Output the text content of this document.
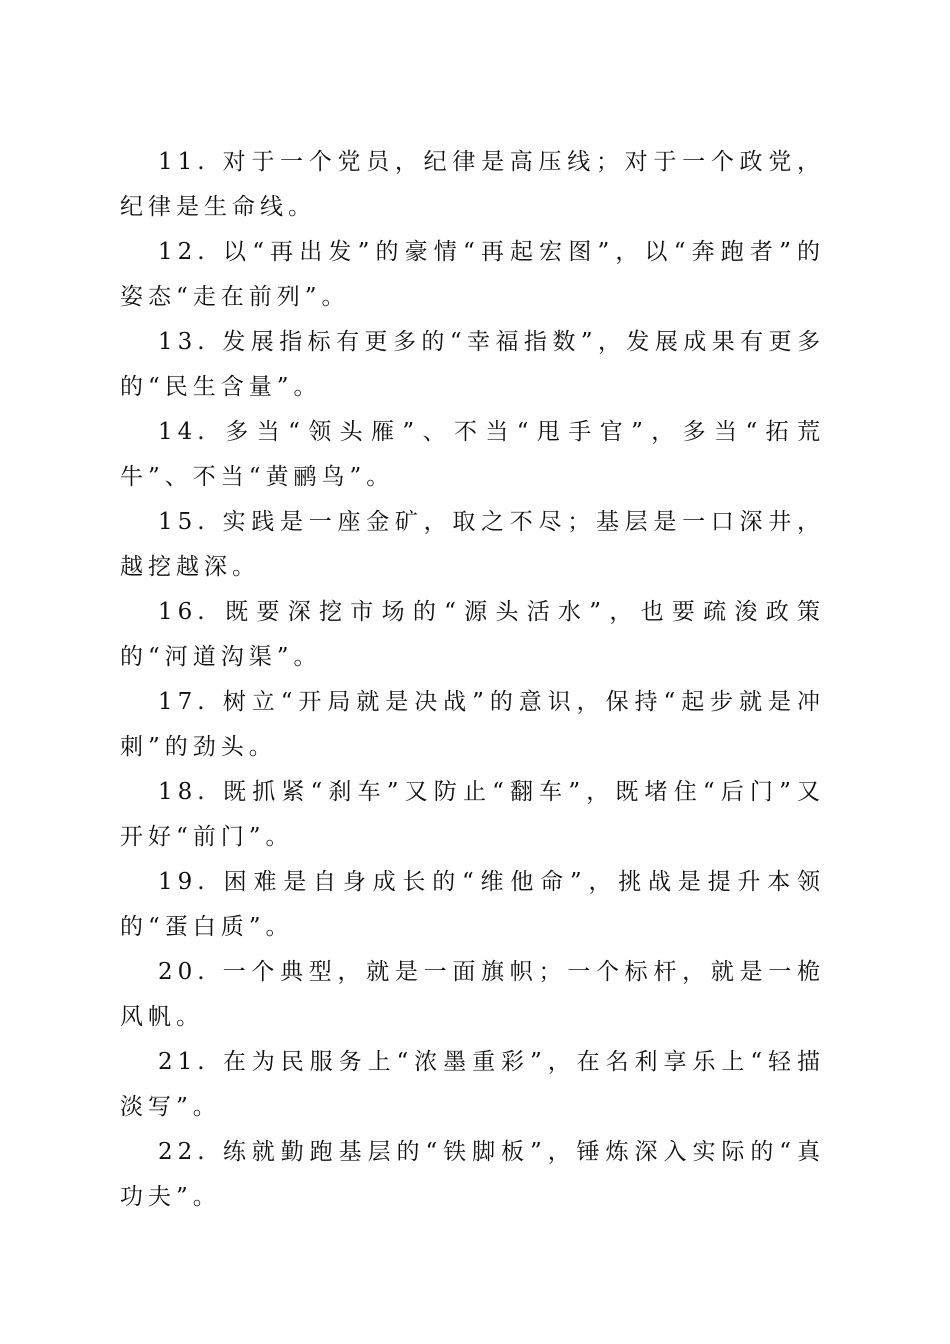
11. 对于一个党员，纪律是高压线；对于一个政党，纪律是生命线。

12. 以“再出发”的豪情“再起宏图”，以“奔跑者”的姿态“走在前列”。

13. 发展指标有更多的“幸福指数”，发展成果有更多的“民生含量”。

14. 多当“领头雁”、不当“甩手官”，多当“拓荒牛”、不当“黄鹂鸟”。

15. 实践是一座金矿，取之不尽；基层是一口深井，越挖越深。

16. 既要深挖市场的“源头活水”，也要疏浚政策的“河道沟渠”。

17. 树立“开局就是决战”的意识，保持“起步就是冲刺”的劲头。

18. 既抓紧“刹车”又防止“翻车”，既堵住“后门”又开好“前门”。

19. 困难是自身成长的“维他命”，挑战是提升本领的“蛋白质”。

20. 一个典型，就是一面旗帜；一个标杆，就是一桅风帆。

21. 在为民服务上“浓墨重彩”，在名利享乐上“轻描淡写”。

22. 练就勤跑基层的“铁脚板”，锤炼深入实际的“真功夫”。
